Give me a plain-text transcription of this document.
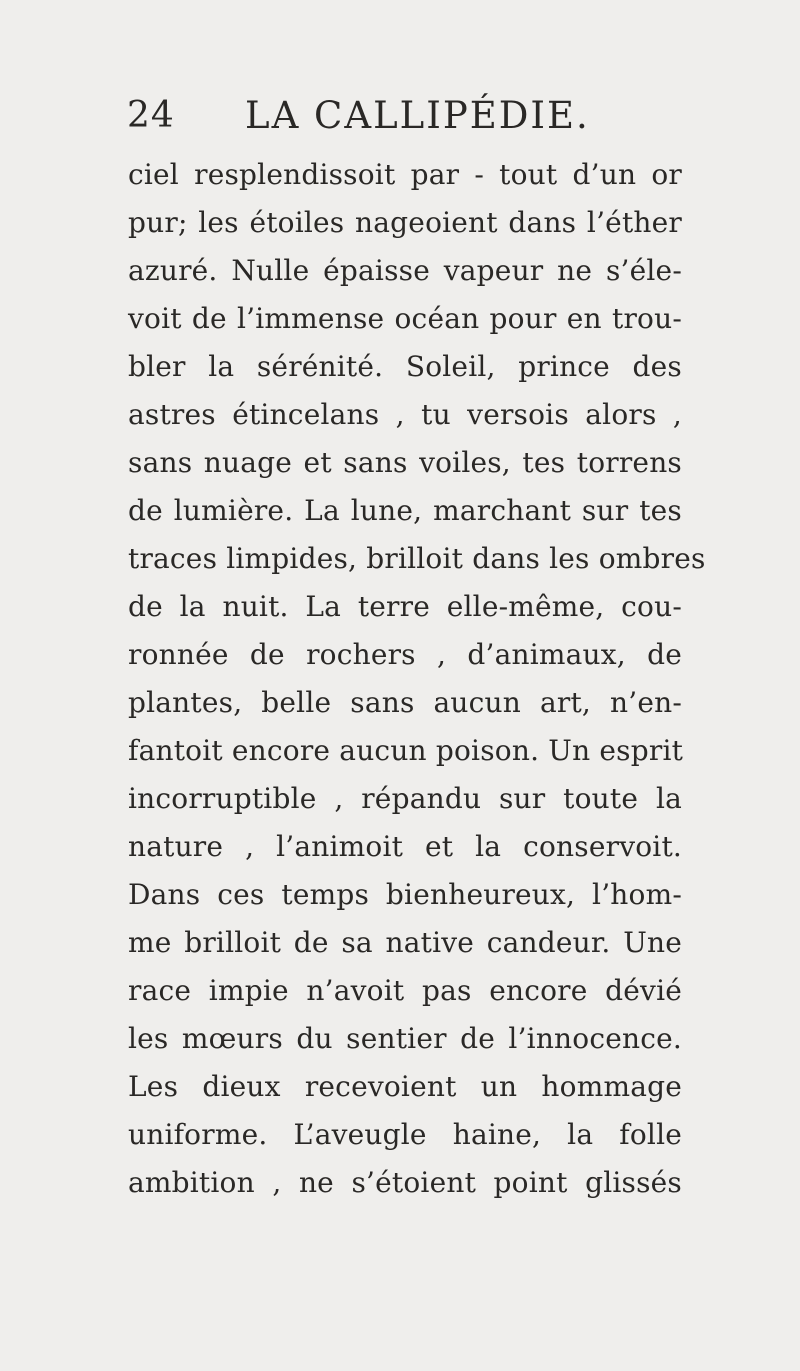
24 LA CALLIPÉDIE.
ciel resplendissoit par - tout d’un or
pur; les étoiles nageoient dans l’éther
azuré. Nulle épaisse vapeur ne s’éle-
voit de l’immense océan pour en trou-
bler la sérénité. Soleil, prince des
astres étincelans , tu versois alors ,
sans nuage et sans voiles, tes torrens
de lumière. La lune, marchant sur tes
traces limpides, brilloit dans les ombres
de la nuit. La terre elle-même, cou-
ronnée de rochers , d’animaux, de
plantes, belle sans aucun art, n’en-
fantoit encore aucun poison. Un esprit
incorruptible , répandu sur toute la
nature , l’animoit et la conservoit.
Dans ces temps bienheureux, l’hom-
me brilloit de sa native candeur. Une
race impie n’avoit pas encore dévié
les mœurs du sentier de l’innocence.
Les dieux recevoient un hommage
uniforme. L’aveugle haine, la folle
ambition , ne s’étoient point glissés
